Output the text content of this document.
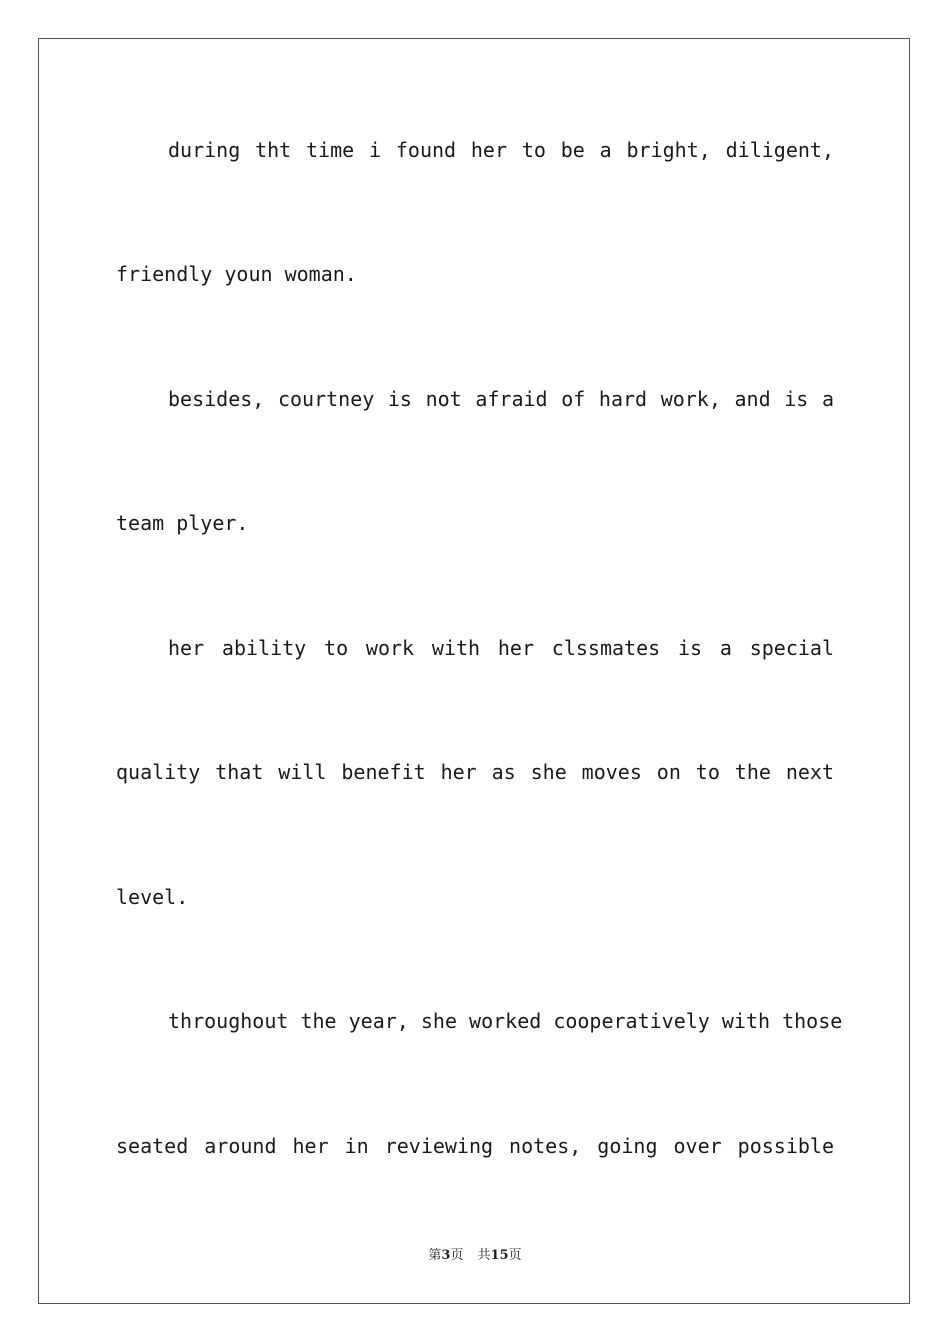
during tht time i found her to be a bright, diligent,
friendly youn woman.
besides, courtney is not afraid of hard work, and is a
team plyer.
her ability to work with her clssmates is a special
quality that will benefit her as she moves on to the next
level.
throughout the year, she worked cooperatively with those
seated around her in reviewing notes, going over possible
第3页 共15页
